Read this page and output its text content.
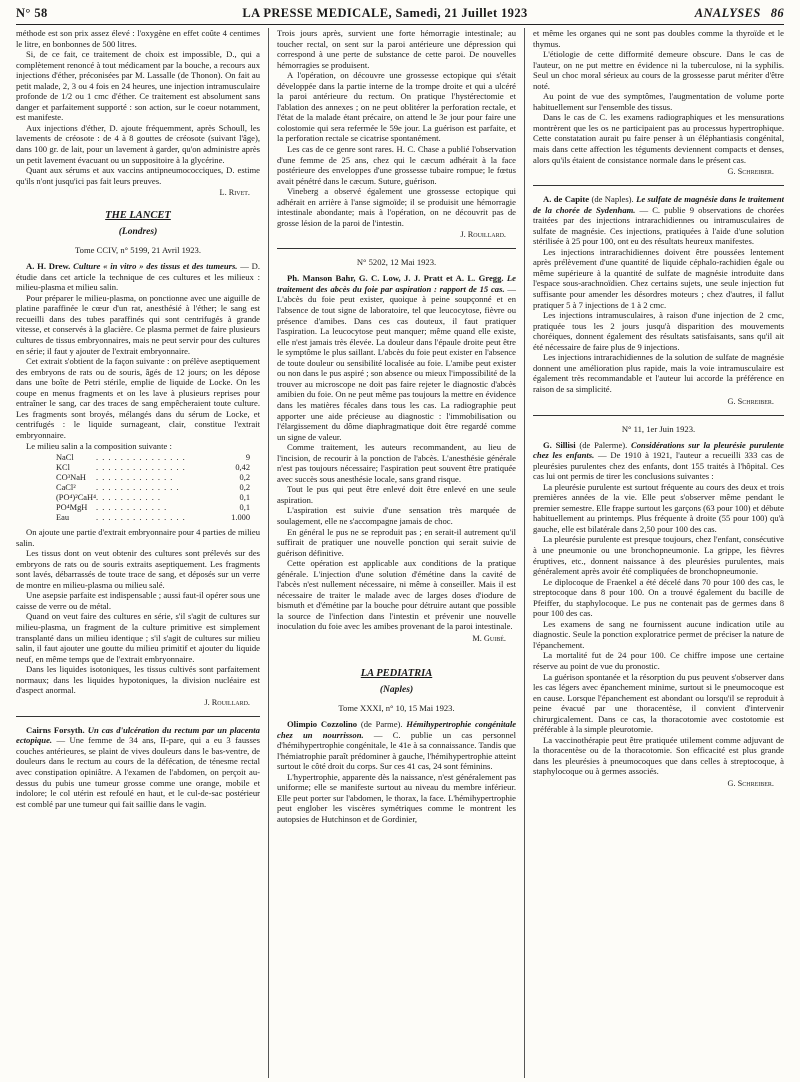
N° 58	LA PRESSE MEDICALE, Samedi, 21 Juillet 1923	ANALYSES 86

méthode est son prix assez élevé : l'oxygène en effet coûte 4 centimes le litre, en bonbonnes de 500 litres.

Si, de ce fait, ce traitement de choix est impossible, D., qui a complètement renoncé à tout médicament par la bouche, a recours aux injections d'éther, préconisées par M. Lassalle (de Thonon). On fait au petit malade, 2, 3 ou 4 fois en 24 heures, une injection intramusculaire profonde de 1/2 ou 1 cmc d'éther. Ce traitement est absolument sans danger et parfaitement supporté : son action, sur le coeur notamment, est manifeste.

Aux injections d'éther, D. ajoute fréquemment, après Schoull, les lavements de créosote : de 4 à 8 gouttes de créosote (suivant l'âge), dans 100 gr. de lait, pour un lavement à garder, qu'on administre après un petit lavement évacuant ou un suppositoire à la glycérine.

Quant aux sérums et aux vaccins antipneumococciques, D. estime qu'ils n'ont jusqu'ici pas fait leurs preuves.

L. Rivet.
THE LANCET
(Londres)
Tome CCIV, n° 5199, 21 Avril 1923.

A. H. Drew. Culture « in vitro » des tissus et des tumeurs. — D. étudie dans cet article la technique de ces cultures et les milieux : milieu-plasma et milieu salin.

Pour préparer le milieu-plasma, on ponctionne avec une aiguille de platine paraffinée le cœur d'un rat, anesthésié à l'éther; le sang est recueilli dans des tubes paraffinés qui sont centrifugés à grande vitesse, et conservés à la glacière. Ce plasma permet de faire plusieurs cultures de tissus embryonnaires, mais ne peut servir pour des cultures en série; il faut y ajouter de l'extrait embryonnaire.

Cet extrait s'obtient de la façon suivante : on prélève aseptiquement des embryons de rats ou de souris, âgés de 12 jours; on les dépose dans une boîte de Petri stérile, emplie de liquide de Locke. On les coupe en menus fragments et on les lave à plusieurs reprises pour entraîner le sang, car des traces de sang empêcheraient toute culture. Les fragments sont broyés, mélangés dans du sérum de Locke, et centrifugés : le liquide surnageant, clair, constitue l'extrait embryonnaire.

Le milieu salin a la composition suivante :

NaCl	. . . . . . . . . . . . . . .	9
KCl	. . . . . . . . . . . . . . .	0,42
CO³NaH	. . . . . . . . . . . . .	0,2
CaCl²	. . . . . . . . . . . . . .	0,2
(PO⁴)²CaH⁴	. . . . . . . . . . .	0,1
PO⁴MgH	. . . . . . . . . . . .	0,1
Eau	. . . . . . . . . . . . . . .	1.000

On ajoute une partie d'extrait embryonnaire pour 4 parties de milieu salin.

Les tissus dont on veut obtenir des cultures sont prélevés sur des embryons de rats ou de souris extraits aseptiquement. Les fragments sont lavés, débarrassés de toute trace de sang, et déposés sur un verre de montre en milieu-plasma ou milieu salé.

Une asepsie parfaite est indispensable ; aussi faut-il opérer sous une caisse de verre ou de métal.

Quand on veut faire des cultures en série, s'il s'agit de cultures sur milieu-plasma, un fragment de la culture primitive est simplement transplanté dans un milieu identique ; s'il s'agit de cultures sur milieu salin, il faut ajouter une goutte du milieu primitif et ajouter du liquide neuf, en même temps que de l'extrait embryonnaire.

Dans les liquides isotoniques, les tissus cultivés sont parfaitement normaux; dans les liquides hypotoniques, la division nucléaire est d'aspect anormal.

J. Rouillard.

Cairns Forsyth. Un cas d'ulcération du rectum par un placenta ectopique. — Une femme de 34 ans, II-pare, qui a eu 3 fausses couches antérieures, se plaint de vives douleurs dans le bas-ventre, de douleurs dans le rectum au cours de la défécation, de ténesme rectal avec constipation opiniâtre. A l'examen de l'abdomen, on perçoit au-dessus du pubis une tumeur grosse comme une orange, mobile et indolore; le col utérin est refoulé en haut, et le cul-de-sac postérieur est comblé par une tumeur qui fait saillie dans le vagin.

Trois jours après, survient une forte hémorragie intestinale; au toucher rectal, on sent sur la paroi antérieure une dépression qui correspond à une perte de substance de cette paroi. De nouvelles hémorragies se produisent.

A l'opération, on découvre une grossesse ectopique qui s'était développée dans la partie interne de la trompe droite et qui a ulcéré la paroi antérieure du rectum. On pratique l'hystérectomie et l'ablation des annexes ; on ne peut oblitérer la perforation rectale, et l'état de la malade étant précaire, on attend le 3e jour pour faire une colostomie qui sera refermée le 59e jour. La guérison est parfaite, et la perforation rectale se cicatrise spontanément.

Les cas de ce genre sont rares. H. C. Chase a publié l'observation d'une femme de 25 ans, chez qui le cæcum adhérait à la face postérieure des enveloppes d'une grossesse tubaire rompue; le fœtus avait pénétré dans le cæcum. Suture, guérison.

Vineberg a observé également une grossesse ectopique qui adhérait en arrière à l'anse sigmoïde; il se produisit une hémorragie intestinale abondante; mais à l'opération, on ne découvrit pas de grosse lésion de la paroi de l'intestin.

J. Rouillard.
N° 5202, 12 Mai 1923.

Ph. Manson Bahr, G. C. Low, J. J. Pratt et A. L. Gregg. Le traitement des abcès du foie par aspiration : rapport de 15 cas. — L'abcès du foie peut exister, quoique à peine soupçonné et en l'absence de tout signe de laboratoire, tel que leucocytose, fièvre ou présence d'amibes. Dans ces cas douteux, il faut pratiquer l'aspiration. La leucocytose peut manquer; même quand elle existe, elle n'est jamais très élevée. La douleur dans l'épaule droite peut être le symptôme le plus saillant. L'abcès du foie peut exister en l'absence de toute douleur ou sensibilité localisée au foie. L'amibe peut exister ou non dans le pus aspiré ; son absence ou mieux l'impossibilité de la trouver au microscope ne doit pas faire rejeter le diagnostic d'abcès amibien du foie. On ne peut même pas toujours la mettre en évidence dans les matières fécales dans tous les cas. La radiographie peut apporter une aide précieuse au diagnostic : l'immobilisation ou l'élargissement du dôme diaphragmatique doit être regardé comme un signe de valeur.

Comme traitement, les auteurs recommandent, au lieu de l'incision, de recourir à la ponction de l'abcès. L'anesthésie générale n'est pas toujours nécessaire; l'aspiration peut souvent être pratiquée avec succès sous anesthésie locale, sans grand risque.

Tout le pus qui peut être enlevé doit être enlevé en une seule aspiration.

L'aspiration est suivie d'une sensation très marquée de soulagement, elle ne s'accompagne jamais de choc.

En général le pus ne se reproduit pas ; en serait-il autrement qu'il suffirait de pratiquer une nouvelle ponction qui serait suivie de guérison définitive.

Cette opération est applicable aux conditions de la pratique générale. L'injection d'une solution d'émétine dans la cavité de l'abcès n'est nullement nécessaire, ni même à conseiller. Mais il est nécessaire de traiter le malade avec de larges doses d'iodure de bismuth et d'émétine par la bouche pour détruire autant que possible la source de l'infection dans l'intestin et prévenir une nouvelle inoculation du foie avec les amibes provenant de la paroi intestinale.

M. Guibé.
LA PEDIATRIA
(Naples)
Tome XXXI, n° 10, 15 Mai 1923.

Olimpio Cozzolino (de Parme). Hémihypertrophie congénitale chez un nourrisson. — C. publie un cas personnel d'hémihypertrophie congénitale, le 41e à sa connaissance. Tandis que l'hémiatrophie paraît prédominer à gauche, l'hémihypertrophie atteint surtout le côté droit du corps. Sur ces 41 cas, 24 sont féminins.

L'hypertrophie, apparente dès la naissance, n'est généralement pas uniforme; elle se manifeste surtout au niveau du membre inférieur. Elle peut porter sur l'abdomen, le thorax, la face. L'hémihypertrophie peut englober les viscères symétriques comme le montrent les autopsies de Hutchinson et de Gordinier,

et même les organes qui ne sont pas doubles comme la thyroïde et le thymus.

L'étiologie de cette difformité demeure obscure. Dans le cas de l'auteur, on ne put mettre en évidence ni la tuberculose, ni la syphilis. Seul un choc moral sérieux au cours de la grossesse parut mériter d'être noté.

Au point de vue des symptômes, l'augmentation de volume porte habituellement sur l'ensemble des tissus.

Dans le cas de C. les examens radiographiques et les mensurations montrèrent que les os ne participaient pas au processus hypertrophique. Cette constatation aurait pu faire penser à un éléphantiasis congénital, mais dans cette affection les téguments deviennent compacts et denses, alors qu'ils étaient de consistance normale dans le présent cas.

G. Schreiber.

A. de Capite (de Naples). Le sulfate de magnésie dans le traitement de la chorée de Sydenham. — C. publie 9 observations de chorées traitées par des injections intrarachidiennes ou intramusculaires de sulfate de magnésie. Ces injections, pratiquées à l'aide d'une solution stérilisée à 25 pour 100, ont eu des résultats heureux manifestes.

Les injections intrarachidiennes doivent être poussées lentement après prélèvement d'une quantité de liquide céphalo-rachidien égale ou même supérieure à la quantité de sulfate de magnésie introduite dans l'espace sous-arachnoïdien. Chez certains sujets, une seule injection fut suffisante pour amender les désordres moteurs ; chez d'autres, il fallut pratiquer 5 à 7 injections de 1 à 2 cmc.

Les injections intramusculaires, à raison d'une injection de 2 cmc, pratiquée tous les 2 jours jusqu'à disparition des mouvements choréiques, donnent également des résultats satisfaisants, sans qu'il ait été nécessaire de faire plus de 9 injections.

Les injections intrarachidiennes de la solution de sulfate de magnésie donnent une amélioration plus rapide, mais la voie intramusculaire est également très recommandable et l'auteur lui accorde la préférence en raison de sa simplicité.

G. Schreiber.
N° 11, 1er Juin 1923.

G. Sillisi (de Palerme). Considérations sur la pleurésie purulente chez les enfants. — De 1910 à 1921, l'auteur a recueilli 333 cas de pleurésies purulentes chez des enfants, dont 155 traités à l'hôpital. Ces cas lui ont permis de tirer les conclusions suivantes :

La pleurésie purulente est surtout fréquente au cours des deux et trois premières années de la vie. Elle peut s'observer même pendant le premier semestre. Elle frappe surtout les garçons (63 pour 100) et débute habituellement au printemps. Plus fréquente à droite (55 pour 100) qu'à gauche, elle est bilatérale dans 2,50 pour 100 des cas.

La pleurésie purulente est presque toujours, chez l'enfant, consécutive à une pneumonie ou une bronchopneumonie. La grippe, les fièvres éruptives, etc., donnent naissance à des pleurésies purulentes, mais généralement après avoir été compliquées de bronchopneumonie.

Le diplocoque de Fraenkel a été décelé dans 70 pour 100 des cas, le streptocoque dans 8 pour 100. On a trouvé également du bacille de Pfeiffer, du staphylocoque. Le pus ne contenait pas de germes dans 8 pour 100 des cas.

Les examens de sang ne fournissent aucune indication utile au diagnostic. Seule la ponction exploratrice permet de préciser la nature de l'épanchement.

La mortalité fut de 24 pour 100. Ce chiffre impose une certaine réserve au point de vue du pronostic.

La guérison spontanée et la résorption du pus peuvent s'observer dans les cas légers avec épanchement minime, surtout si le pneumocoque est en cause. Lorsque l'épanchement est abondant ou lorsqu'il se reproduit à peine évacué par une thoracentèse, il convient d'intervenir chirurgicalement. Dans ce cas, la thoracotomie avec costotomie est préférable à la simple pleurotomie.

La vaccinothérapie peut être pratiquée utilement comme adjuvant de la thoracentèse ou de la thoracotomie. Son efficacité est plus grande dans les pleurésies à pneumocoques que dans celles à streptocoque, à staphylocoque ou à germes associés.

G. Schreiber.
